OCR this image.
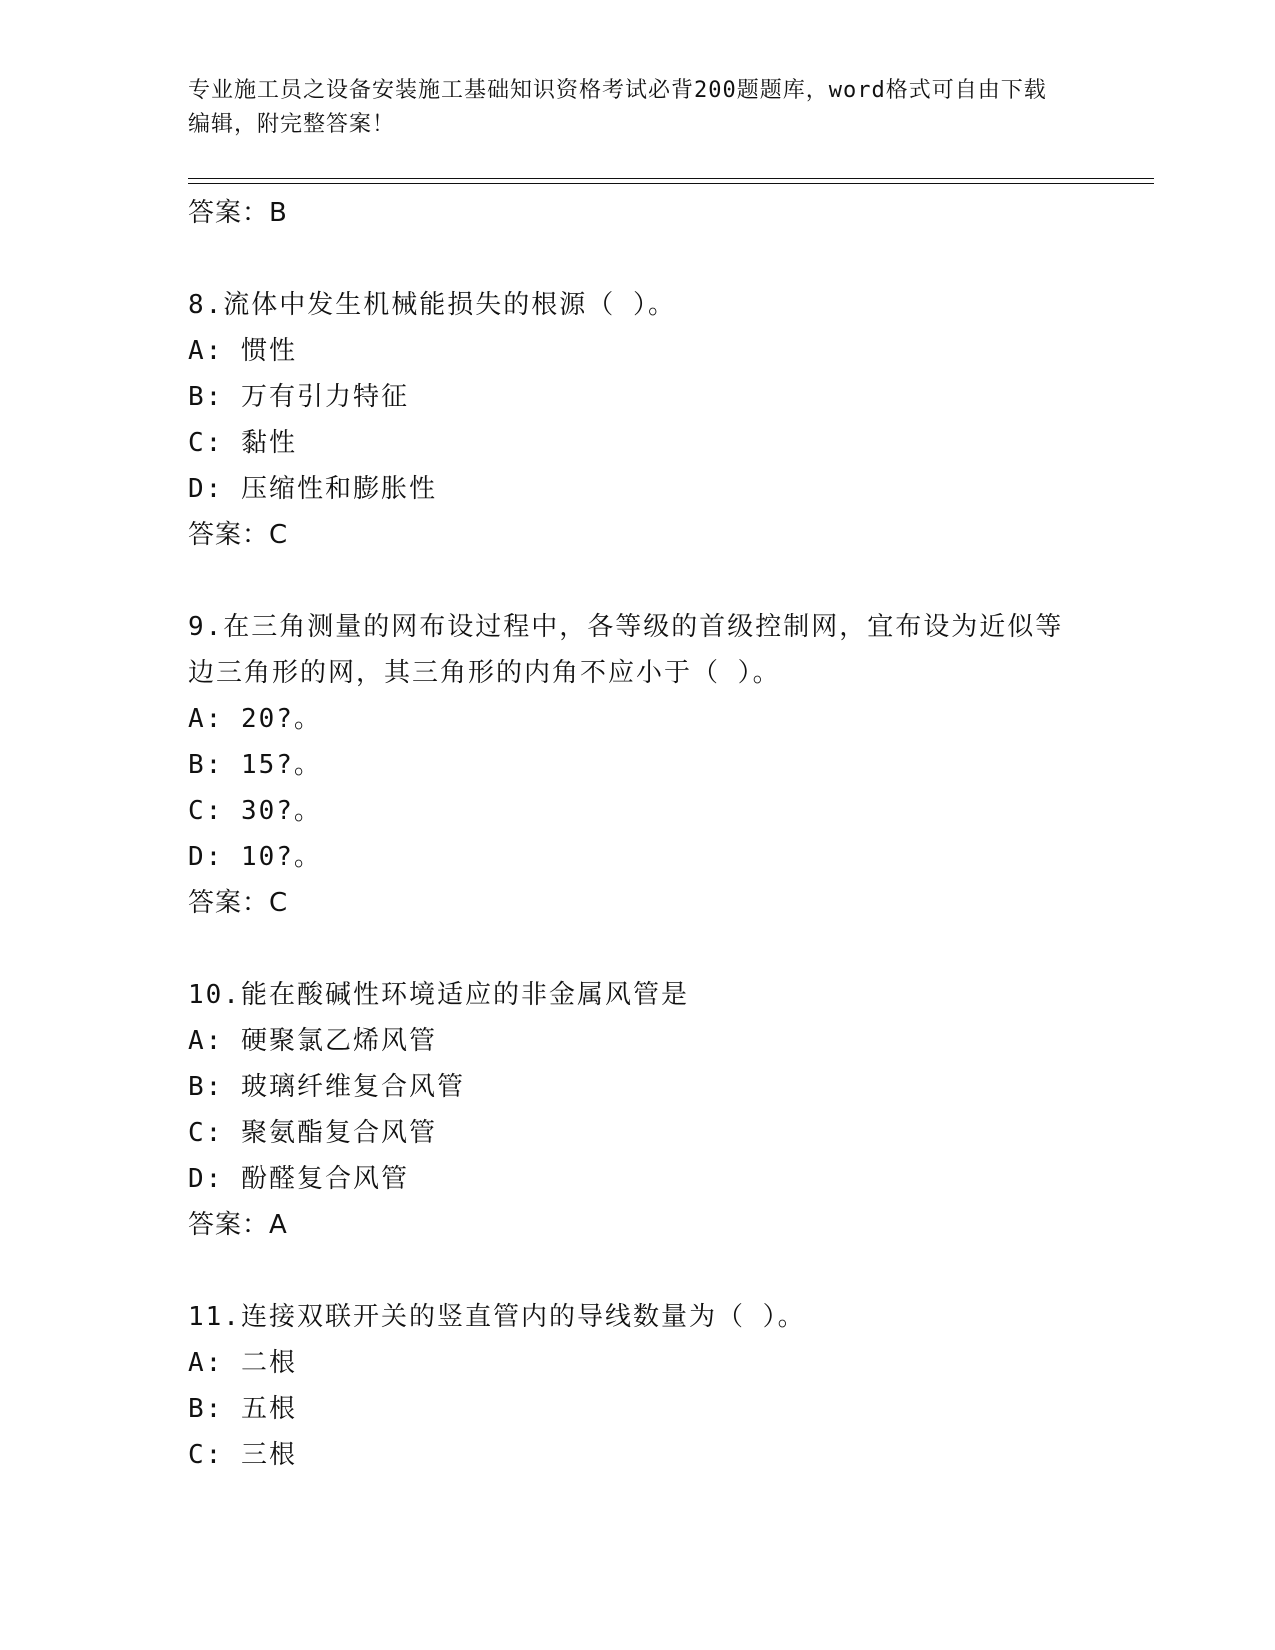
专业施工员之设备安装施工基础知识资格考试必背200题题库，word格式可自由下载编辑，附完整答案！
答案：B
8.流体中发生机械能损失的根源（ ）。
A: 惯性
B: 万有引力特征
C: 黏性
D: 压缩性和膨胀性
答案：C
9.在三角测量的网布设过程中，各等级的首级控制网，宜布设为近似等边三角形的网，其三角形的内角不应小于（ ）。
A: 20?。
B: 15?。
C: 30?。
D: 10?。
答案：C
10.能在酸碱性环境适应的非金属风管是
A: 硬聚氯乙烯风管
B: 玻璃纤维复合风管
C: 聚氨酯复合风管
D: 酚醛复合风管
答案：A
11.连接双联开关的竖直管内的导线数量为（ ）。
A: 二根
B: 五根
C: 三根
